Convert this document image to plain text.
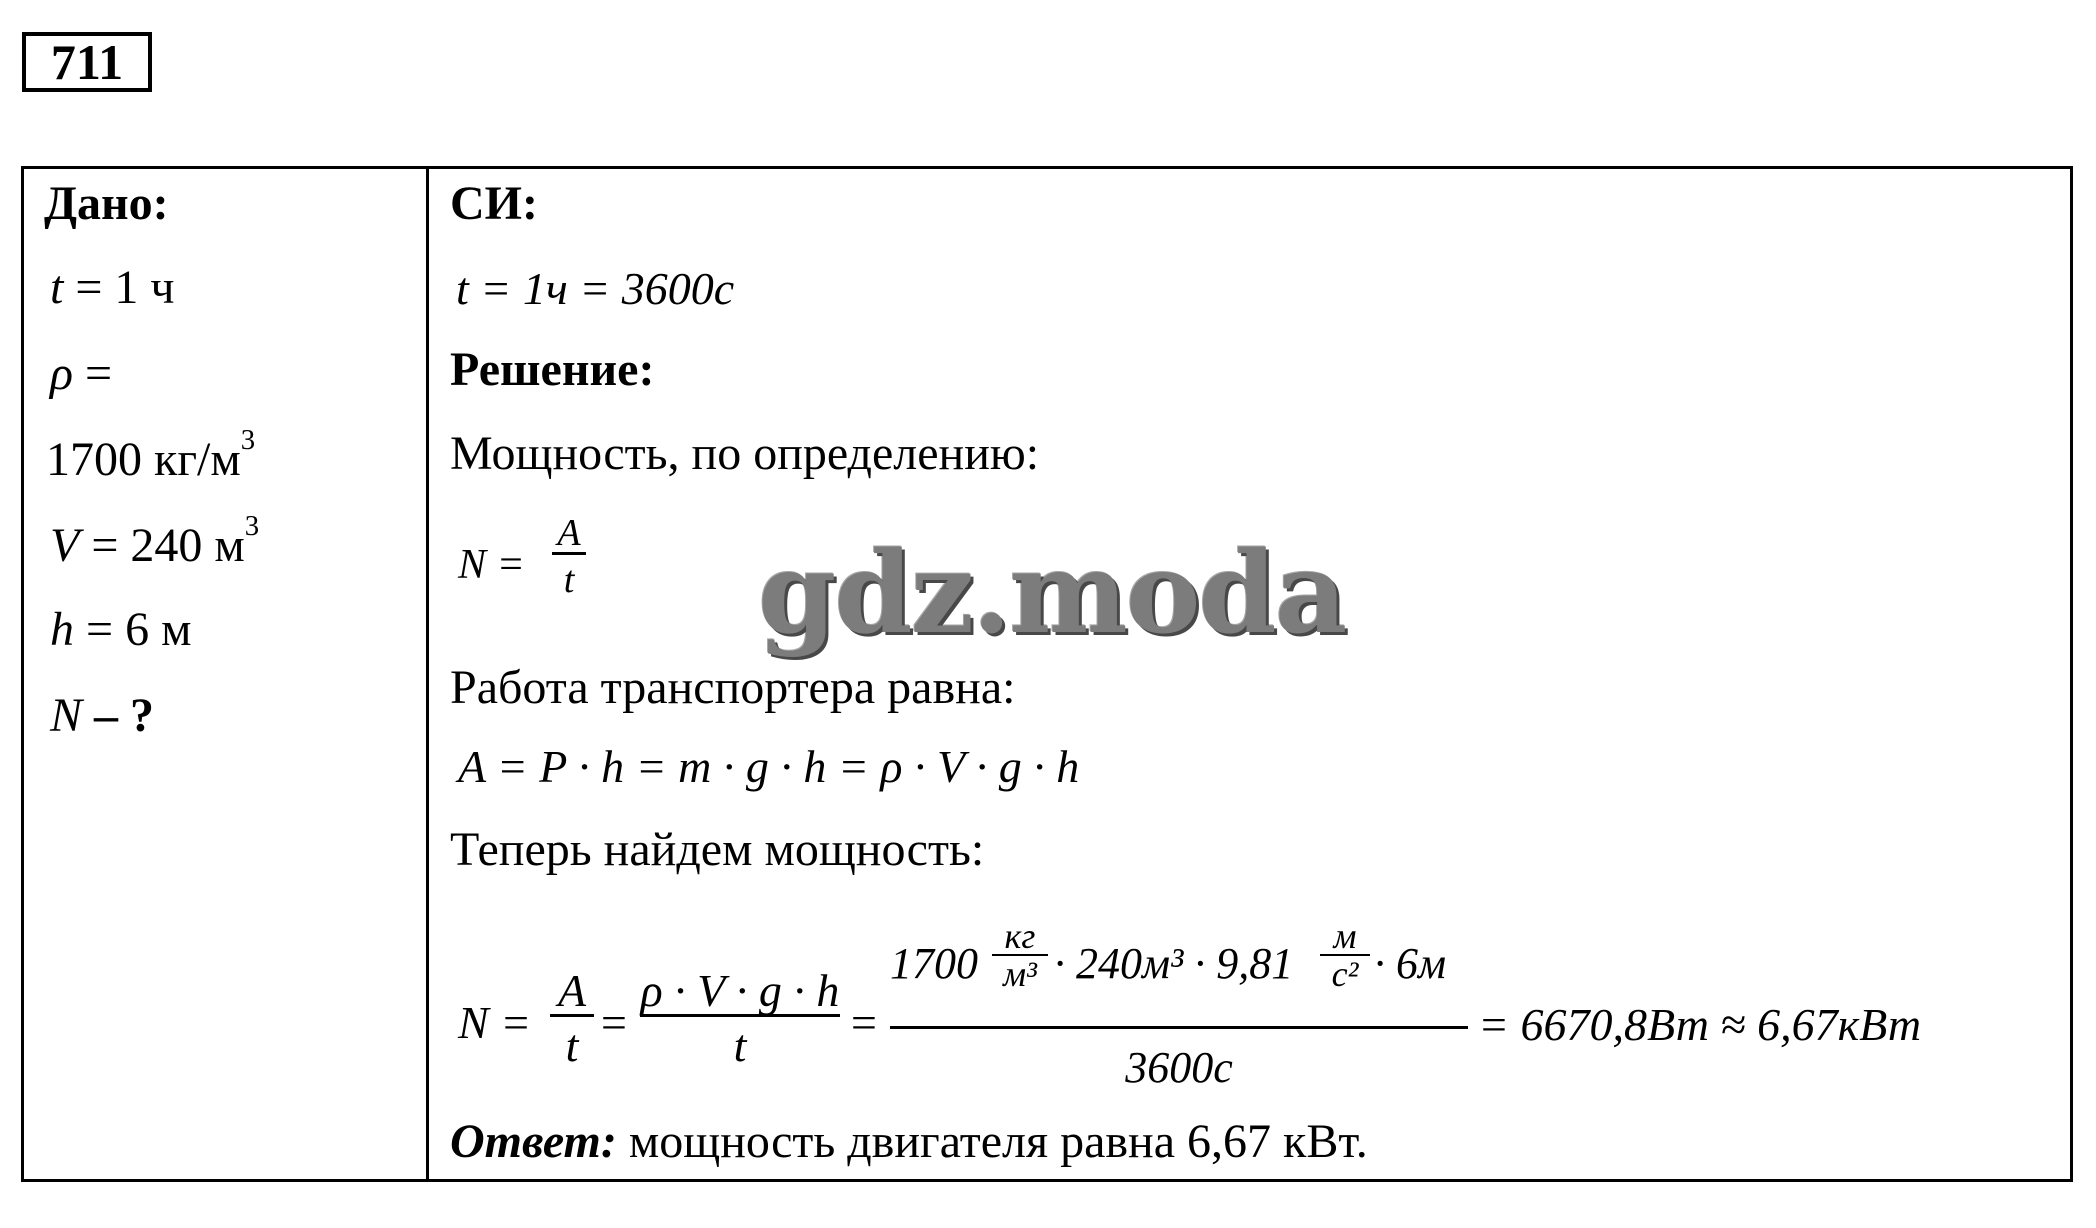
711
Дано:
t = 1 ч
ρ =
1700 $кг/м^3$
V = 240 $м^3$
h = 6 м
N – ?
СИ:
t = 1ч = 3600с
Решение:
Мощность, по определению:
N =
A
t gdz.moda
Работа транспортера равна:
A = P · h = m · g · h = ρ · V · g · h
Теперь найдем мощность:
N =
A
t =
ρ · V · g · h
t =
1700
кг
м³ · 240м³ · 9,81
м
с² · 6м
3600с
= 6670,8Вт ≈ 6,67кВт
Ответ: мощность двигателя равна 6,67 кВт.
